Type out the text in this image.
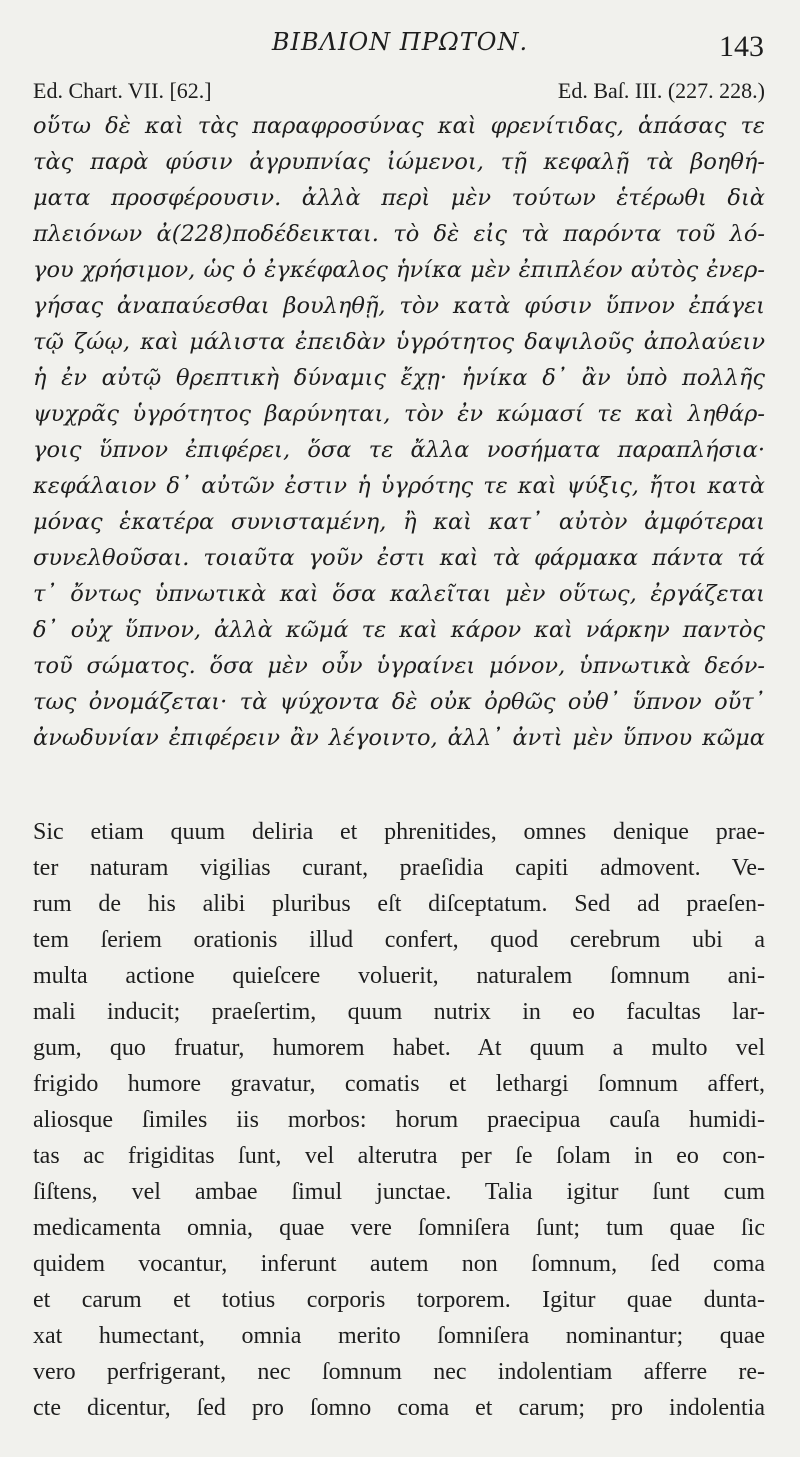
BIBΛΙΟΝ ΠΡΩΤΟΝ.	143
Ed. Chart. VII. [62.]	Ed. Baſ. III. (227. 228.)
οὕτω δὲ καὶ τὰς παραφροσύνας καὶ φρενίτιδας, ἁπάσας τε
τὰς παρὰ φύσιν ἀγρυπνίας ἰώμενοι, τῇ κεφαλῇ τὰ βοηθή-
ματα προσφέρουσιν. ἀλλὰ περὶ μὲν τούτων ἑτέρωθι διὰ
πλειόνων ἀ(228)ποδέδεικται. τὸ δὲ εἰς τὰ παρόντα τοῦ λό-
γου χρήσιμον, ὡς ὁ ἐγκέφαλος ἡνίκα μὲν ἐπιπλέον αὐτὸς ἐνερ-
γήσας ἀναπαύεσθαι βουληθῇ, τὸν κατὰ φύσιν ὕπνον ἐπάγει
τῷ ζώῳ, καὶ μάλιστα ἐπειδὰν ὑγρότητος δαψιλοῦς ἀπολαύειν
ἡ ἐν αὐτῷ θρεπτικὴ δύναμις ἔχῃ· ἡνίκα δ᾽ ἂν ὑπὸ πολλῆς
ψυχρᾶς ὑγρότητος βαρύνηται, τὸν ἐν κώμασί τε καὶ ληθάρ-
γοις ὕπνον ἐπιφέρει, ὅσα τε ἄλλα νοσήματα παραπλήσια·
κεφάλαιον δ᾽ αὐτῶν ἐστιν ἡ ὑγρότης τε καὶ ψύξις, ἤτοι κατὰ
μόνας ἑκατέρα συνισταμένη, ἢ καὶ κατ᾽ αὐτὸν ἀμφότεραι
συνελθοῦσαι. τοιαῦτα γοῦν ἐστι καὶ τὰ φάρμακα πάντα τά
τ᾽ ὄντως ὑπνωτικὰ καὶ ὅσα καλεῖται μὲν οὕτως, ἐργάζεται
δ᾽ οὐχ ὕπνον, ἀλλὰ κῶμά τε καὶ κάρον καὶ νάρκην παντὸς
τοῦ σώματος. ὅσα μὲν οὖν ὑγραίνει μόνον, ὑπνωτικὰ δεόν-
τως ὀνομάζεται· τὰ ψύχοντα δὲ οὐκ ὀρθῶς οὐθ᾽ ὕπνον οὔτ᾽
ἀνωδυνίαν ἐπιφέρειν ἂν λέγοιντο, ἀλλ᾽ ἀντὶ μὲν ὕπνου κῶμα
Sic etiam quum deliria et phrenitides, omnes denique prae-
ter naturam vigilias curant, praeſidia capiti admovent. Ve-
rum de his alibi pluribus eſt diſceptatum. Sed ad praeſen-
tem ſeriem orationis illud confert, quod cerebrum ubi a
multa actione quieſcere voluerit, naturalem ſomnum ani-
mali inducit; praeſertim, quum nutrix in eo facultas lar-
gum, quo fruatur, humorem habet. At quum a multo vel
frigido humore gravatur, comatis et lethargi ſomnum affert,
aliosque ſimiles iis morbos: horum praecipua cauſa humidi-
tas ac frigiditas ſunt, vel alterutra per ſe ſolam in eo con-
ſiſtens, vel ambae ſimul junctae. Talia igitur ſunt cum
medicamenta omnia, quae vere ſomniſera ſunt; tum quae ſic
quidem vocantur, inferunt autem non ſomnum, ſed coma
et carum et totius corporis torporem. Igitur quae dunta-
xat humectant, omnia merito ſomniſera nominantur; quae
vero perfrigerant, nec ſomnum nec indolentiam afferre re-
cte dicentur, ſed pro ſomno coma et carum; pro indolentia
